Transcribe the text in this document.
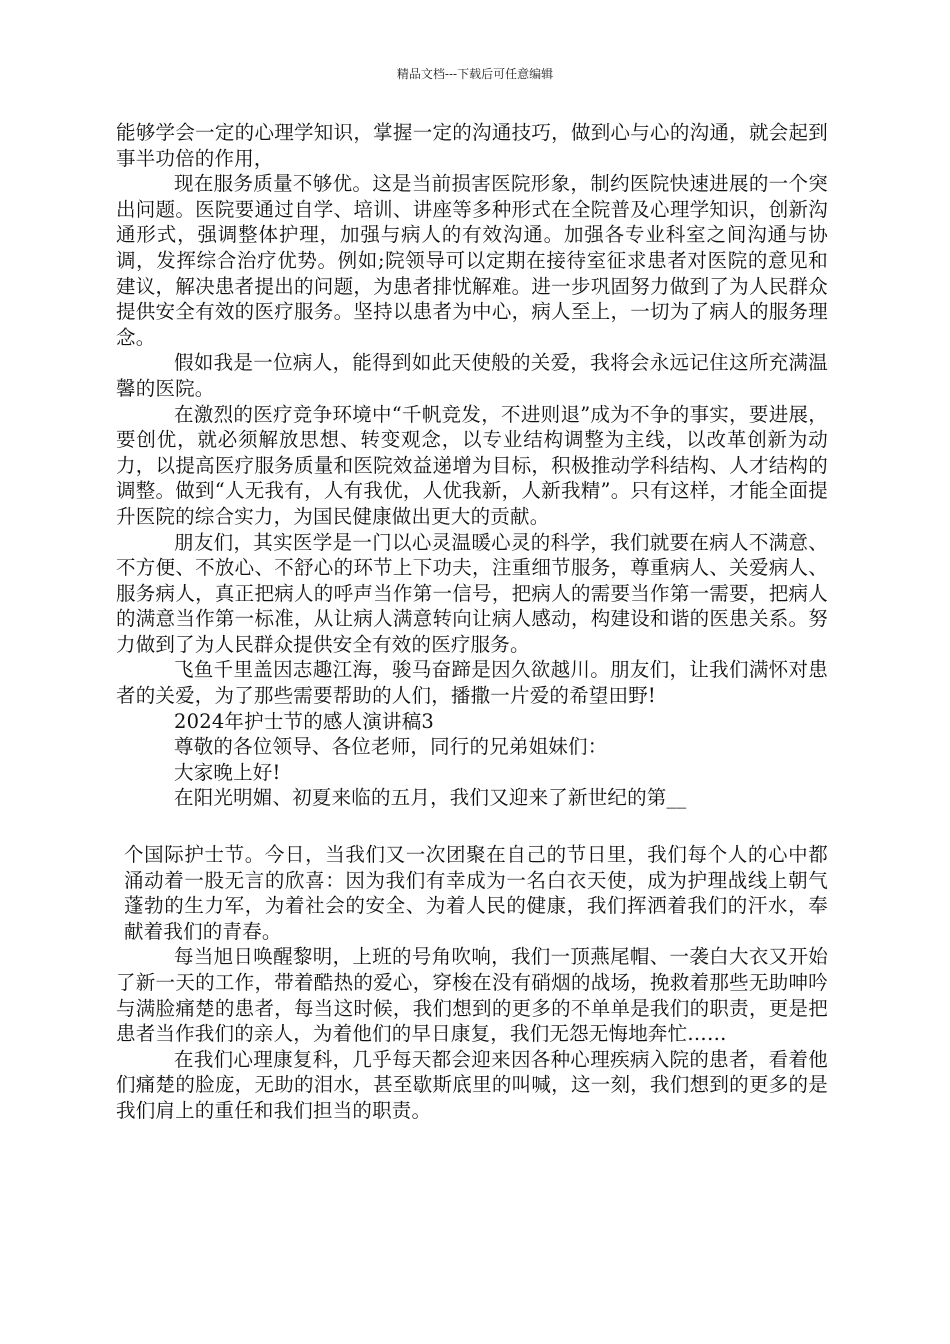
精品文档---下载后可任意编辑

能够学会一定的心理学知识，掌握一定的沟通技巧，做到心与心的沟通，就会起到事半功倍的作用，

现在服务质量不够优。这是当前损害医院形象，制约医院快速进展的一个突出问题。医院要通过自学、培训、讲座等多种形式在全院普及心理学知识，创新沟通形式，强调整体护理，加强与病人的有效沟通。加强各专业科室之间沟通与协调，发挥综合治疗优势。例如;院领导可以定期在接待室征求患者对医院的意见和建议，解决患者提出的问题，为患者排忧解难。进一步巩固努力做到了为人民群众提供安全有效的医疗服务。坚持以患者为中心，病人至上，一切为了病人的服务理念。

假如我是一位病人，能得到如此天使般的关爱，我将会永远记住这所充满温馨的医院。

在激烈的医疗竞争环境中“千帆竞发，不进则退”成为不争的事实，要进展，要创优，就必须解放思想、转变观念，以专业结构调整为主线，以改革创新为动力，以提高医疗服务质量和医院效益递增为目标，积极推动学科结构、人才结构的调整。做到“人无我有，人有我优，人优我新，人新我精”。只有这样，才能全面提升医院的综合实力，为国民健康做出更大的贡献。

朋友们，其实医学是一门以心灵温暖心灵的科学，我们就要在病人不满意、不方便、不放心、不舒心的环节上下功夫，注重细节服务，尊重病人、关爱病人、服务病人，真正把病人的呼声当作第一信号，把病人的需要当作第一需要，把病人的满意当作第一标准，从让病人满意转向让病人感动，构建设和谐的医患关系。努力做到了为人民群众提供安全有效的医疗服务。

飞鱼千里盖因志趣江海，骏马奋蹄是因久欲越川。朋友们，让我们满怀对患者的关爱，为了那些需要帮助的人们，播撒一片爱的希望田野!

2024年护士节的感人演讲稿3

尊敬的各位领导、各位老师，同行的兄弟姐妹们：

大家晚上好!

在阳光明媚、初夏来临的五月，我们又迎来了新世纪的第__

个国际护士节。今日，当我们又一次团聚在自己的节日里，我们每个人的心中都涌动着一股无言的欣喜：因为我们有幸成为一名白衣天使，成为护理战线上朝气蓬勃的生力军，为着社会的安全、为着人民的健康，我们挥洒着我们的汗水，奉献着我们的青春。

每当旭日唤醒黎明，上班的号角吹响，我们一顶燕尾帽、一袭白大衣又开始了新一天的工作，带着酷热的爱心，穿梭在没有硝烟的战场，挽救着那些无助呻吟与满脸痛楚的患者，每当这时候，我们想到的更多的不单单是我们的职责，更是把患者当作我们的亲人，为着他们的早日康复，我们无怨无悔地奔忙……

在我们心理康复科，几乎每天都会迎来因各种心理疾病入院的患者，看着他们痛楚的脸庞，无助的泪水，甚至歇斯底里的叫喊，这一刻，我们想到的更多的是我们肩上的重任和我们担当的职责。
